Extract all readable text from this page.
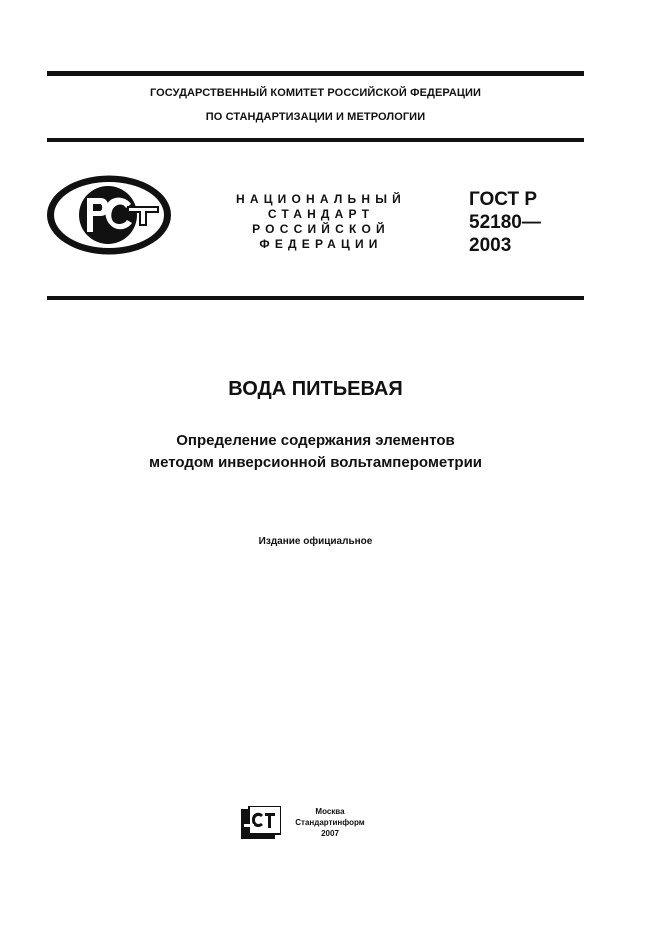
ГОСУДАРСТВЕННЫЙ КОМИТЕТ РОССИЙСКОЙ ФЕДЕРАЦИИ
ПО СТАНДАРТИЗАЦИИ И МЕТРОЛОГИИ
НАЦИОНАЛЬНЫЙ
СТАНДАРТ
РОССИЙСКОЙ
ФЕДЕРАЦИИ
ГОСТ Р
52180—
2003
ВОДА ПИТЬЕВАЯ
Определение содержания элементов
методом инверсионной вольтамперометрии
Издание официальное
Москва
Стандартинформ
2007
